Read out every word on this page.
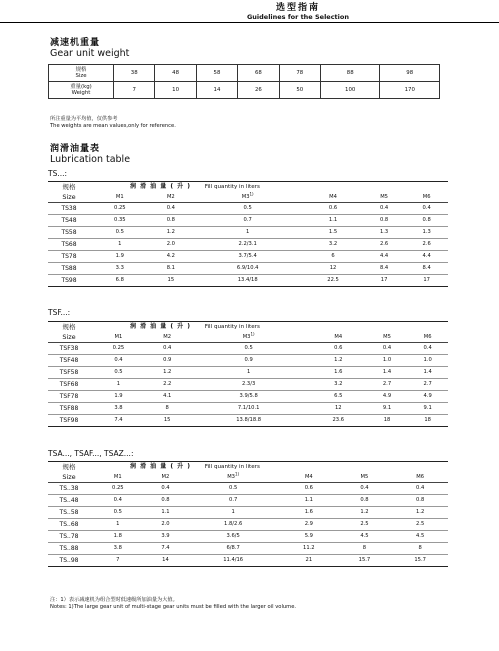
选型指南
Guidelines for the Selection
减速机重量
Gear unit weight
规格
Size	38	48	58	68	78	88	98

重量(kg)
Weight	7	10	14	26	50	100	170
所注重量为平均值，仅供参考
The weights are mean values,only for reference.
润滑油量表
Lubrication table
TS...:
规格	润 滑 油 量 ( 升 ) Fill quantity in liters					
Size	M1	M2	M3$^{1)}$	M4	M5	M6
TS38	0.25	0.4	0.5	0.6	0.4	0.4
TS48	0.35	0.8	0.7	1.1	0.8	0.8
TS58	0.5	1.2	1	1.5	1.3	1.3
TS68	1	2.0	2.2/3.1	3.2	2.6	2.6
TS78	1.9	4.2	3.7/5.4	6	4.4	4.4
TS88	3.3	8.1	6.9/10.4	12	8.4	8.4
TS98	6.8	15	13.4/18	22.5	17	17
TSF...:
规格	润 滑 油 量 ( 升 ) Fill quantity in liters					
Size	M1	M2	M3$^{1)}$	M4	M5	M6
TSF38	0.25	0.4	0.5	0.6	0.4	0.4
TSF48	0.4	0.9	0.9	1.2	1.0	1.0
TSF58	0.5	1.2	1	1.6	1.4	1.4
TSF68	1	2.2	2.3/3	3.2	2.7	2.7
TSF78	1.9	4.1	3.9/5.8	6.5	4.9	4.9
TSF88	3.8	8	7.1/10.1	12	9.1	9.1
TSF98	7.4	15	13.8/18.8	23.6	18	18
TSA..., TSAF..., TSAZ...:
规格	润 滑 油 量 ( 升 ) Fill quantity in liters					
Size	M1	M2	M3$^{1)}$	M4	M5	M6
TS..38	0.25	0.4	0.5	0.6	0.4	0.4
TS..48	0.4	0.8	0.7	1.1	0.8	0.8
TS..58	0.5	1.1	1	1.6	1.2	1.2
TS..68	1	2.0	1.8/2.6	2.9	2.5	2.5
TS..78	1.8	3.9	3.6/5	5.9	4.5	4.5
TS..88	3.8	7.4	6/8.7	11.2	8	8
TS..98	7	14	11.4/16	21	15.7	15.7
注：1）表示减速机为组合型时低速级所加油量为大值。
Notes: 1)The large gear unit of multi-stage gear units must be filled with the larger oil volume.
